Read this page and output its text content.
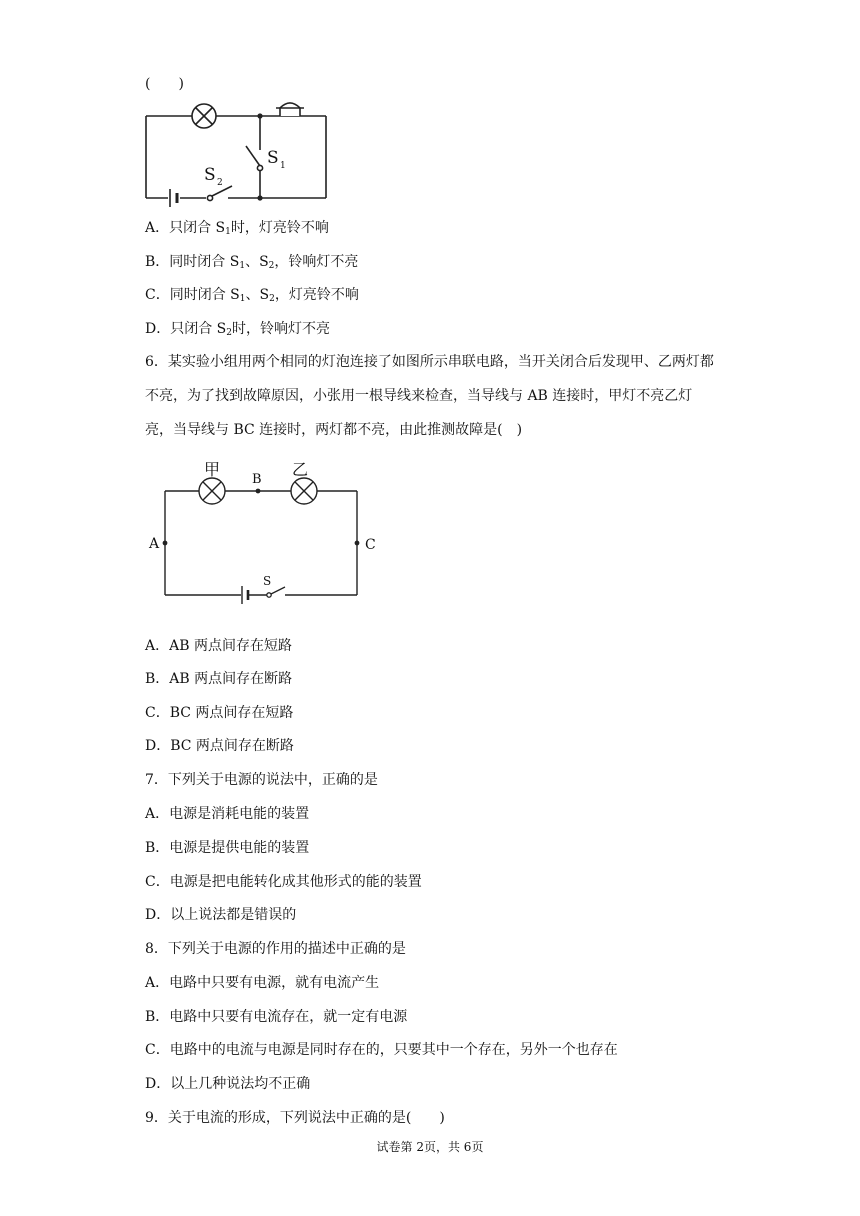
(　　)
S 1
S 2
A．只闭合 $S_1$时，灯亮铃不响
B．同时闭合 $S_1$、$S_2$，铃响灯不亮
C．同时闭合 $S_1$、$S_2$，灯亮铃不响
D．只闭合 $S_2$时，铃响灯不亮
6．某实验小组用两个相同的灯泡连接了如图所示串联电路，当开关闭合后发现甲、乙两灯都不亮，为了找到故障原因，小张用一根导线来检查，当导线与 AB 连接时，甲灯不亮乙灯亮，当导线与 BC 连接时，两灯都不亮，由此推测故障是(　)
甲	乙
B
A	C
S
A．AB 两点间存在短路
B．AB 两点间存在断路
C．BC 两点间存在短路
D．BC 两点间存在断路
7．下列关于电源的说法中，正确的是
A．电源是消耗电能的装置
B．电源是提供电能的装置
C．电源是把电能转化成其他形式的能的装置
D．以上说法都是错误的
8．下列关于电源的作用的描述中正确的是
A．电路中只要有电源，就有电流产生
B．电路中只要有电流存在，就一定有电源
C．电路中的电流与电源是同时存在的，只要其中一个存在，另外一个也存在
D．以上几种说法均不正确
9．关于电流的形成，下列说法中正确的是(　　)
试卷第 2页，共 6页
